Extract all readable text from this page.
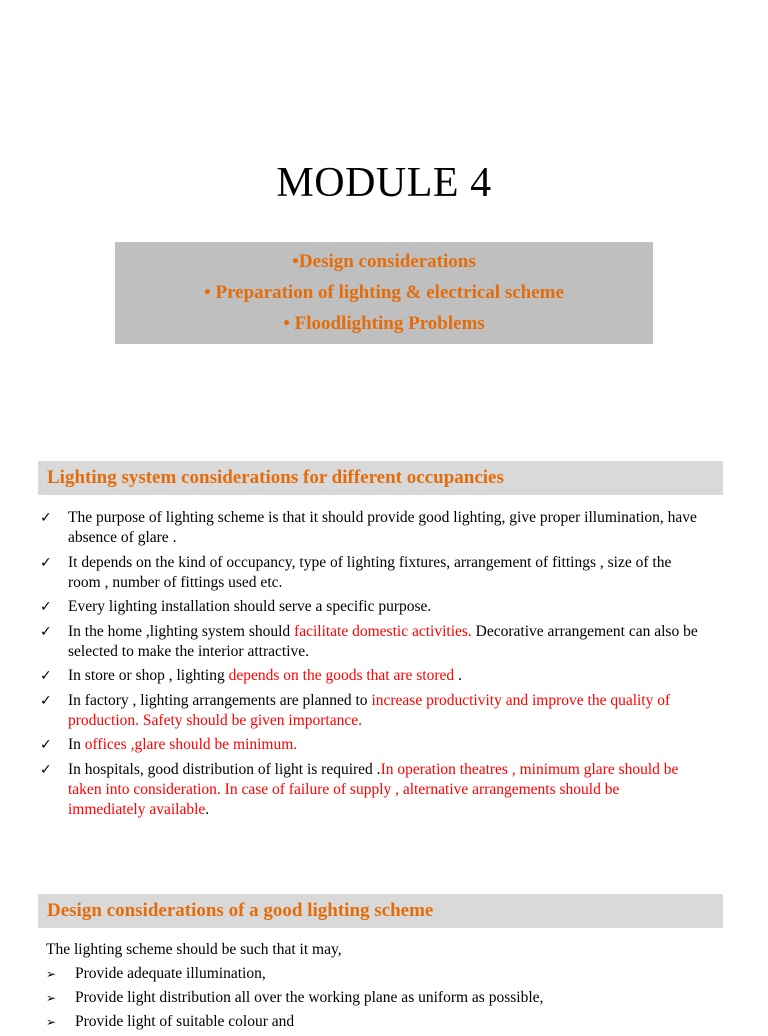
MODULE 4
•Design considerations
• Preparation of lighting & electrical scheme
• Floodlighting Problems
Lighting system considerations for different occupancies
✓ The purpose of lighting scheme is that it should provide good lighting, give proper illumination, have absence of glare .
✓ It depends on the kind of occupancy, type of lighting fixtures, arrangement of fittings , size of the room , number of fittings used etc.
✓ Every lighting installation should serve a specific purpose.
✓ In the home ,lighting system should facilitate domestic activities. Decorative arrangement can also be selected to make the interior attractive.
✓ In store or shop , lighting depends on the goods that are stored .
✓ In factory , lighting arrangements are planned to increase productivity and improve the quality of production. Safety should be given importance.
✓ In offices ,glare should be minimum.
✓ In hospitals, good distribution of light is required .In operation theatres , minimum glare should be taken into consideration. In case of failure of supply , alternative arrangements should be immediately available.
Design considerations of a good lighting scheme
The lighting scheme should be such that it may,
➢ Provide adequate illumination,
➢ Provide light distribution all over the working plane as uniform as possible,
➢ Provide light of suitable colour and
